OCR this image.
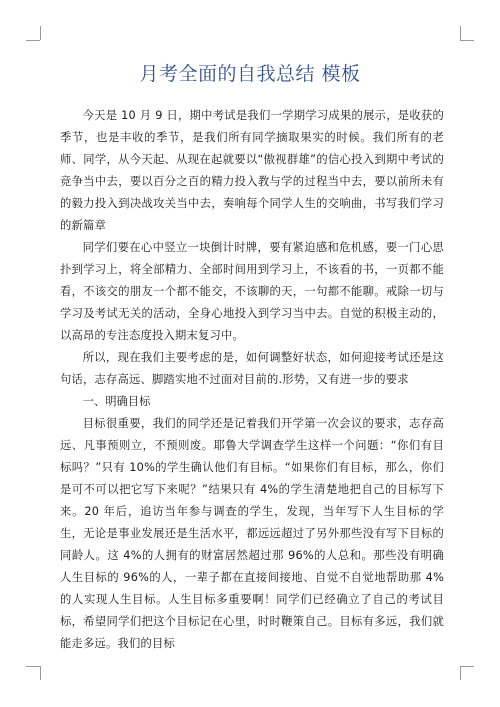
月考全面的自我总结 模板

今天是 10 月 9 日，期中考试是我们一学期学习成果的展示，是收获的季节，也是丰收的季节，是我们所有同学摘取果实的时候。我们所有的老师、同学，从今天起、从现在起就要以“傲视群雄”的信心投入到期中考试的竞争当中去，要以百分之百的精力投入教与学的过程当中去，要以前所未有的毅力投入到决战攻关当中去，奏响每个同学人生的交响曲，书写我们学习的新篇章

同学们要在心中竖立一块倒计时牌，要有紧迫感和危机感，要一门心思扑到学习上，将全部精力、全部时间用到学习上，不该看的书，一页都不能看，不该交的朋友一个都不能交，不该聊的天，一句都不能聊。戒除一切与学习及考试无关的活动，全身心地投入到学习当中去。自觉的积极主动的，以高昂的专注态度投入期末复习中。

所以，现在我们主要考虑的是，如何调整好状态，如何迎接考试还是这句话，志存高远、脚踏实地不过面对目前的.形势，又有进一步的要求

一、明确目标

目标很重要，我们的同学还是记着我们开学第一次会议的要求，志存高远、凡事预则立，不预则废。耶鲁大学调查学生这样一个问题：“你们有目标吗？”只有 10%的学生确认他们有目标。“如果你们有目标，那么，你们是可不可以把它写下来呢？”结果只有 4%的学生清楚地把自己的目标写下来。20 年后，追访当年参与调查的学生，发现，当年写下人生目标的学生，无论是事业发展还是生活水平，都远远超过了另外那些没有写下目标的同龄人。这 4%的人拥有的财富居然超过那 96%的人总和。那些没有明确人生目标的 96%的人，一辈子都在直接间接地、自觉不自觉地帮助那 4%的人实现人生目标。人生目标多重要啊！同学们已经确立了自己的考试目标，希望同学们把这个目标记在心里，时时鞭策自己。目标有多远，我们就能走多远。我们的目标
